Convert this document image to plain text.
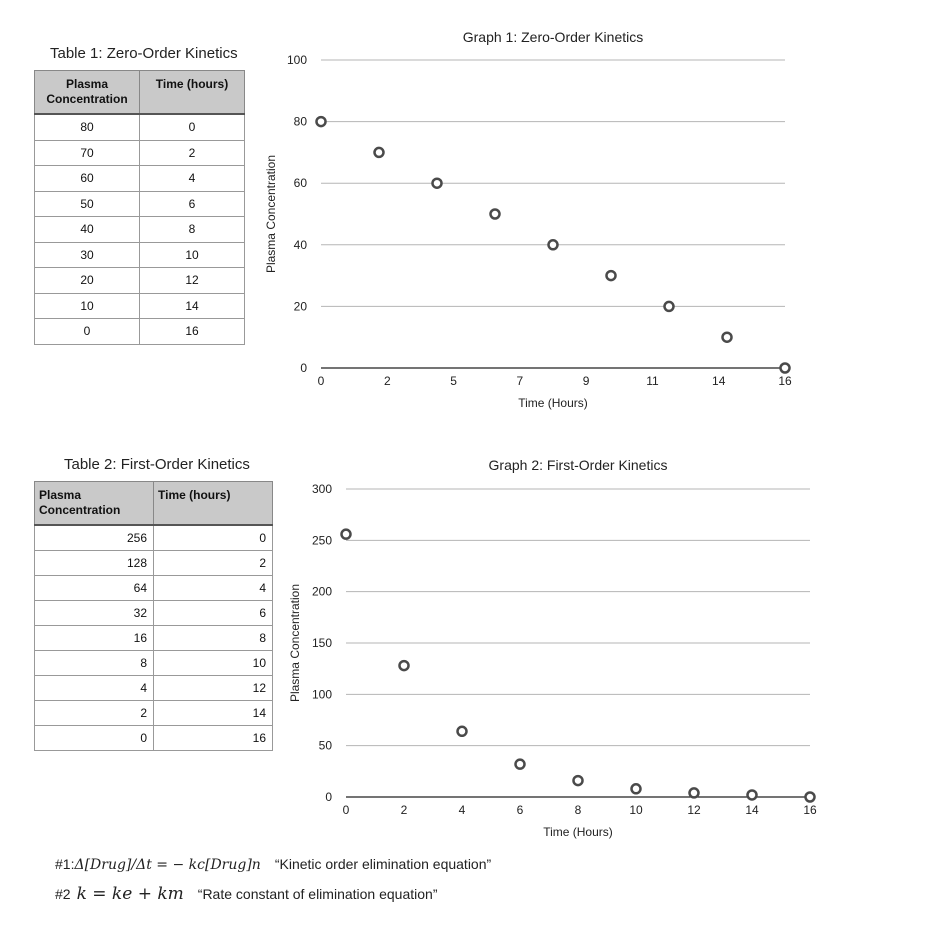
Table 1: Zero-Order Kinetics
Plasma Concentration	Time (hours)
80	0
70	2
60	4
50	6
40	8
30	10
20	12
10	14
0	16
Table 2: First-Order Kinetics
Plasma Concentration	Time (hours)
256	0
128	2
64	4
32	6
16	8
8	10
4	12
2	14
0	16
Graph 1: Zero-Order Kinetics
0
20
40
60
80
100
0	2	5	7	9	11	14	16
Time (Hours)
Plasma Concentration
Graph 2: First-Order Kinetics
0
50
100
150
200
250
300
0	2	4	6	8	10	12	14	16
Time (Hours)
Plasma Concentration
#1:Δ[Drug]/Δt = − kc[Drug]n “Kinetic order elimination equation”
#2 k = ke + km “Rate constant of elimination equation”
